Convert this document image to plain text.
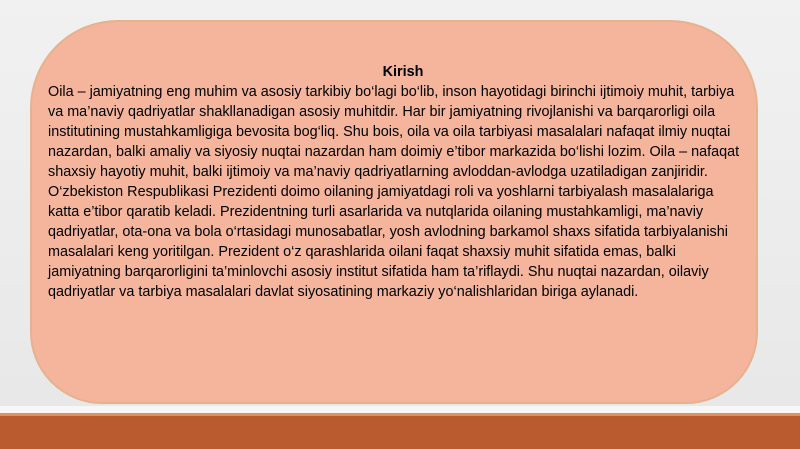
Kirish

Oila – jamiyatning eng muhim va asosiy tarkibiy bo‘lagi bo‘lib, inson hayotidagi birinchi ijtimoiy muhit, tarbiya va ma’naviy qadriyatlar shakllanadigan asosiy muhitdir. Har bir jamiyatning rivojlanishi va barqarorligi oila institutining mustahkamligiga bevosita bog‘liq. Shu bois, oila va oila tarbiyasi masalalari nafaqat ilmiy nuqtai nazardan, balki amaliy va siyosiy nuqtai nazardan ham doimiy e’tibor markazida bo‘lishi lozim. Oila – nafaqat shaxsiy hayotiy muhit, balki ijtimoiy va ma’naviy qadriyatlarning avloddan-avlodga uzatiladigan zanjiridir.

O‘zbekiston Respublikasi Prezidenti doimo oilaning jamiyatdagi roli va yoshlarni tarbiyalash masalalariga katta e’tibor qaratib keladi. Prezidentning turli asarlarida va nutqlarida oilaning mustahkamligi, ma’naviy qadriyatlar, ota-ona va bola o‘rtasidagi munosabatlar, yosh avlodning barkamol shaxs sifatida tarbiyalanishi masalalari keng yoritilgan. Prezident o‘z qarashlarida oilani faqat shaxsiy muhit sifatida emas, balki jamiyatning barqarorligini ta’minlovchi asosiy institut sifatida ham ta’riflaydi. Shu nuqtai nazardan, oilaviy qadriyatlar va tarbiya masalalari davlat siyosatining markaziy yo‘nalishlaridan biriga aylanadi.
